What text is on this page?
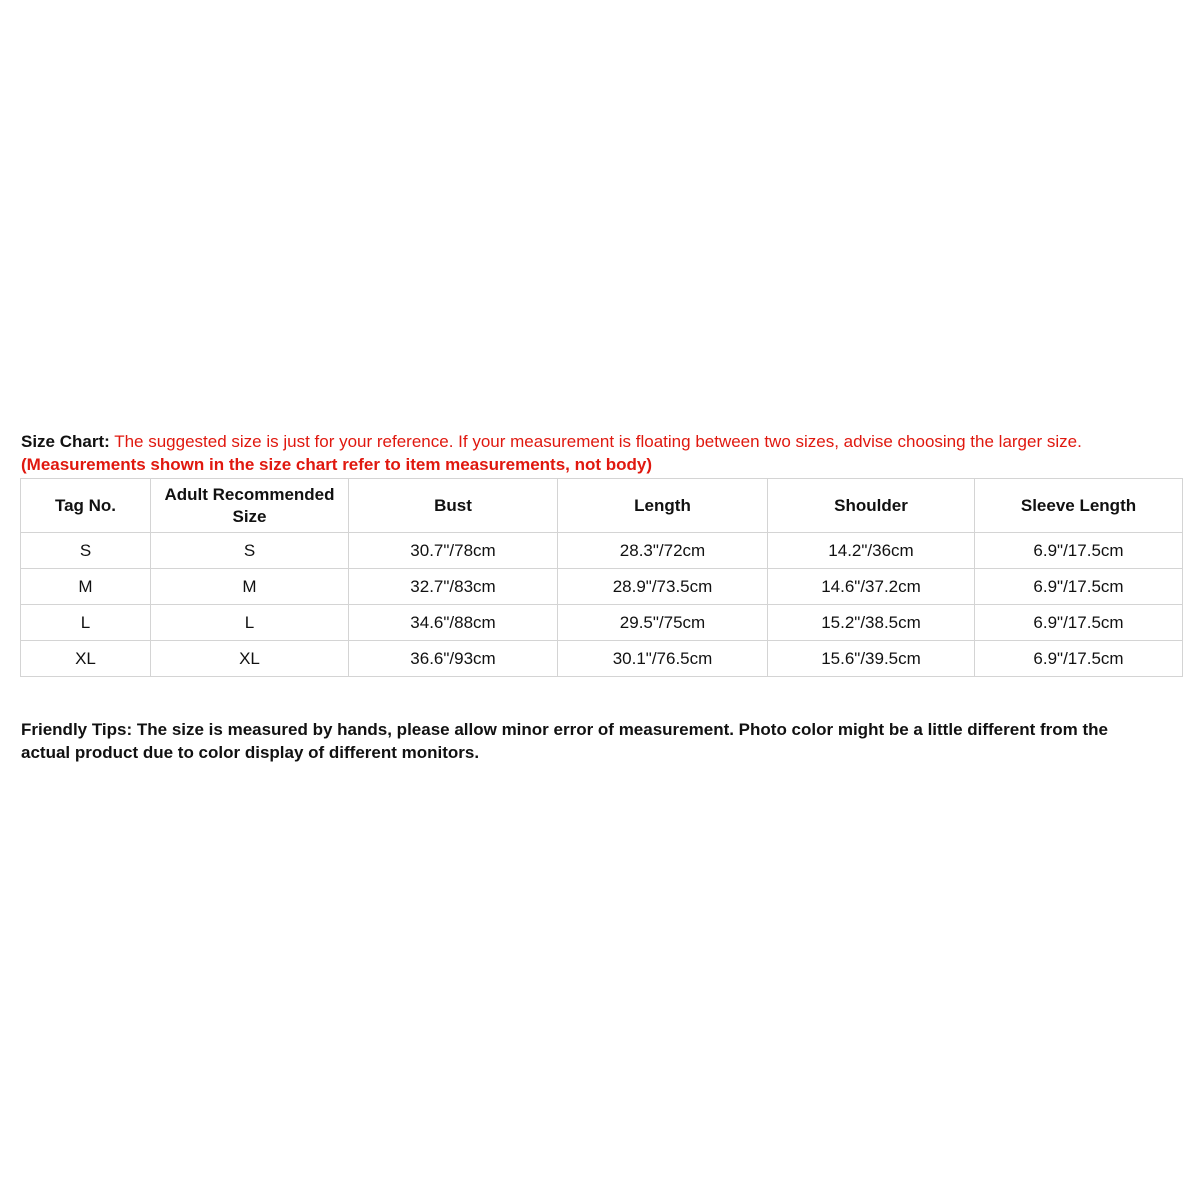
Size Chart: The suggested size is just for your reference. If your measurement is floating between two sizes, advise choosing the larger size. (Measurements shown in the size chart refer to item measurements, not body)
Tag No.	Adult Recommended Size	Bust	Length	Shoulder	Sleeve Length
S	S	30.7"/78cm	28.3"/72cm	14.2"/36cm	6.9"/17.5cm
M	M	32.7"/83cm	28.9"/73.5cm	14.6"/37.2cm	6.9"/17.5cm
L	L	34.6"/88cm	29.5"/75cm	15.2"/38.5cm	6.9"/17.5cm
XL	XL	36.6"/93cm	30.1"/76.5cm	15.6"/39.5cm	6.9"/17.5cm
Friendly Tips: The size is measured by hands, please allow minor error of measurement. Photo color might be a little different from the actual product due to color display of different monitors.
